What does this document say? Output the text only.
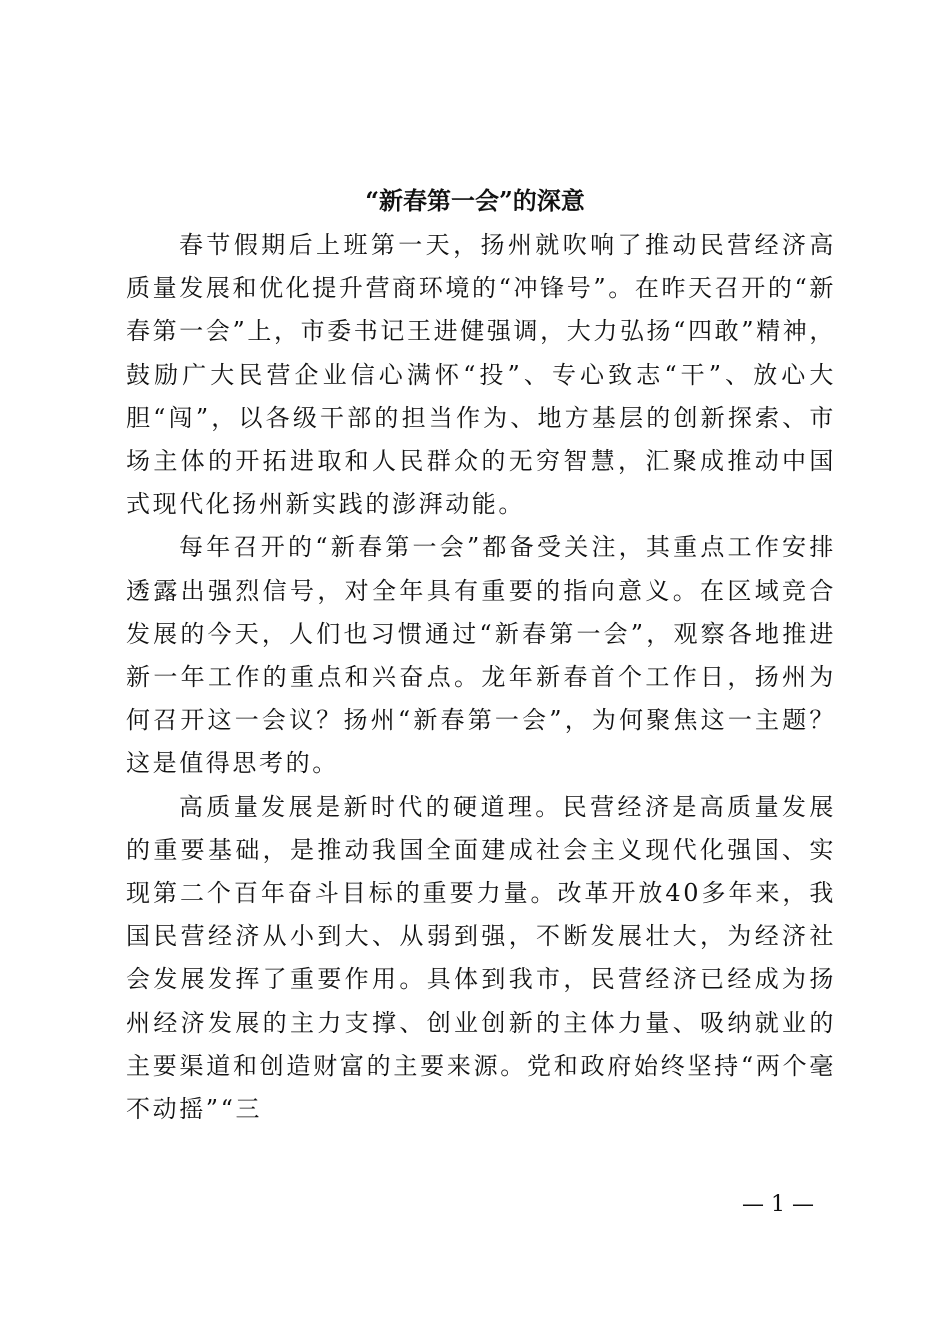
“新春第一会”的深意

春节假期后上班第一天，扬州就吹响了推动民营经济高质量发展和优化提升营商环境的“冲锋号”。在昨天召开的“新春第一会”上，市委书记王进健强调，大力弘扬“四敢”精神，鼓励广大民营企业信心满怀“投”、专心致志“干”、放心大胆“闯”，以各级干部的担当作为、地方基层的创新探索、市场主体的开拓进取和人民群众的无穷智慧，汇聚成推动中国式现代化扬州新实践的澎湃动能。

每年召开的“新春第一会”都备受关注，其重点工作安排透露出强烈信号，对全年具有重要的指向意义。在区域竞合发展的今天，人们也习惯通过“新春第一会”，观察各地推进新一年工作的重点和兴奋点。龙年新春首个工作日，扬州为何召开这一会议？扬州“新春第一会”，为何聚焦这一主题？这是值得思考的。

高质量发展是新时代的硬道理。民营经济是高质量发展的重要基础，是推动我国全面建成社会主义现代化强国、实现第二个百年奋斗目标的重要力量。改革开放40多年来，我国民营经济从小到大、从弱到强，不断发展壮大，为经济社会发展发挥了重要作用。具体到我市，民营经济已经成为扬州经济发展的主力支撑、创业创新的主体力量、吸纳就业的主要渠道和创造财富的主要来源。党和政府始终坚持“两个毫不动摇”“三

— 1 —
